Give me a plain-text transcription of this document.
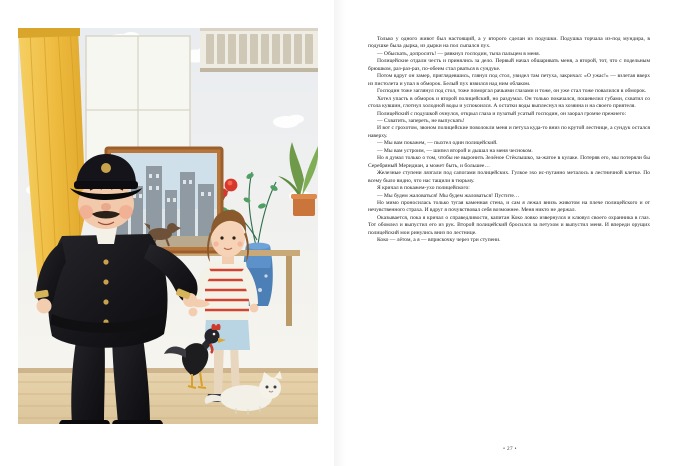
Только у одного живот был настоящий, а у второго сделан из подушки. Подушка торчала из-под мундира, в подушке была дырка, из дырки на пол сыпался пух.

— Обыскать, допросить! — рявкнул господин, тыча пальцем в меня.

Полицейские отдали честь и принялись за дело. Первый начал обшаривать меня, а второй, тот, что с подельным брюшком, раз-раз-раз, по-обеим стал рваться в сундуке.

Потом вдруг он замер, приглядевшись, глянул под стол, увидел там петуха, закричал: «О ужас!» — взлетая вверх из пистолета и упал в обморок. Белый пух взвился над ним облаком.

Господин тоже заглянул под стол, тоже поморгал рачьими глазами и тоже, он уже стал тоже повалился в обморок.

Хотел упасть в обморок и второй полицейский, но раздумал. Он только покачался, пошевелил губами, схватил со стола кувшин, глотнул холодной воды и успокоился. А остатки воды выплеснул на хозяина и на своего приятеля.

Полицейский с подушкой очнулся, открыл глаза и пузатый усатый господин, он заорал громче прежнего:

— Схватить, запереть, не выпускать!

И вот с грохотом, звоном полицейские поволокли меня и петуха куда-то вниз по крутой лестнице, а сундук остался наверху.

— Мы вам покажем, — пыхтел один полицейский.

— Мы вам устроим, — шипел второй и дышал на меня чесноком.

Но я думал только о том, чтобы не выронить Зелёное Стёклышко, за-жатое в кулаке. Потеряв его, мы потеряли бы Серебряный Меридиан, а может быть, и большее…

Железные ступени лязгали под сапогами полицейских. Гулкое эхо ис-пуганно металось в лестничной клетке. По всему было видно, что нас тащили в тюрьму.

Я кричал в покажем-ухо полицейского:

— Мы будем жаловаться! Мы будем жаловаться! Пустите…

Но мимо проносилась только тугая каменная стена, и сам я лежал внизь животом на плече полицейского и от нечувственного страха. И вдруг я почувствовал себя возможнее. Меня никто не держал.

Оказывается, пока я кричал о справедливости, капитан Коко ловко извернулся и клювул своего охранника в глаз. Тот обомлел и выпустил его из рук. Второй полицейский бросился за петухом и выпустил меня. И впереди орущих полицейский мои ринулись вниз по лестнице.

Коко — лётом, а я — вприскочку через три ступени.

• 27 •
